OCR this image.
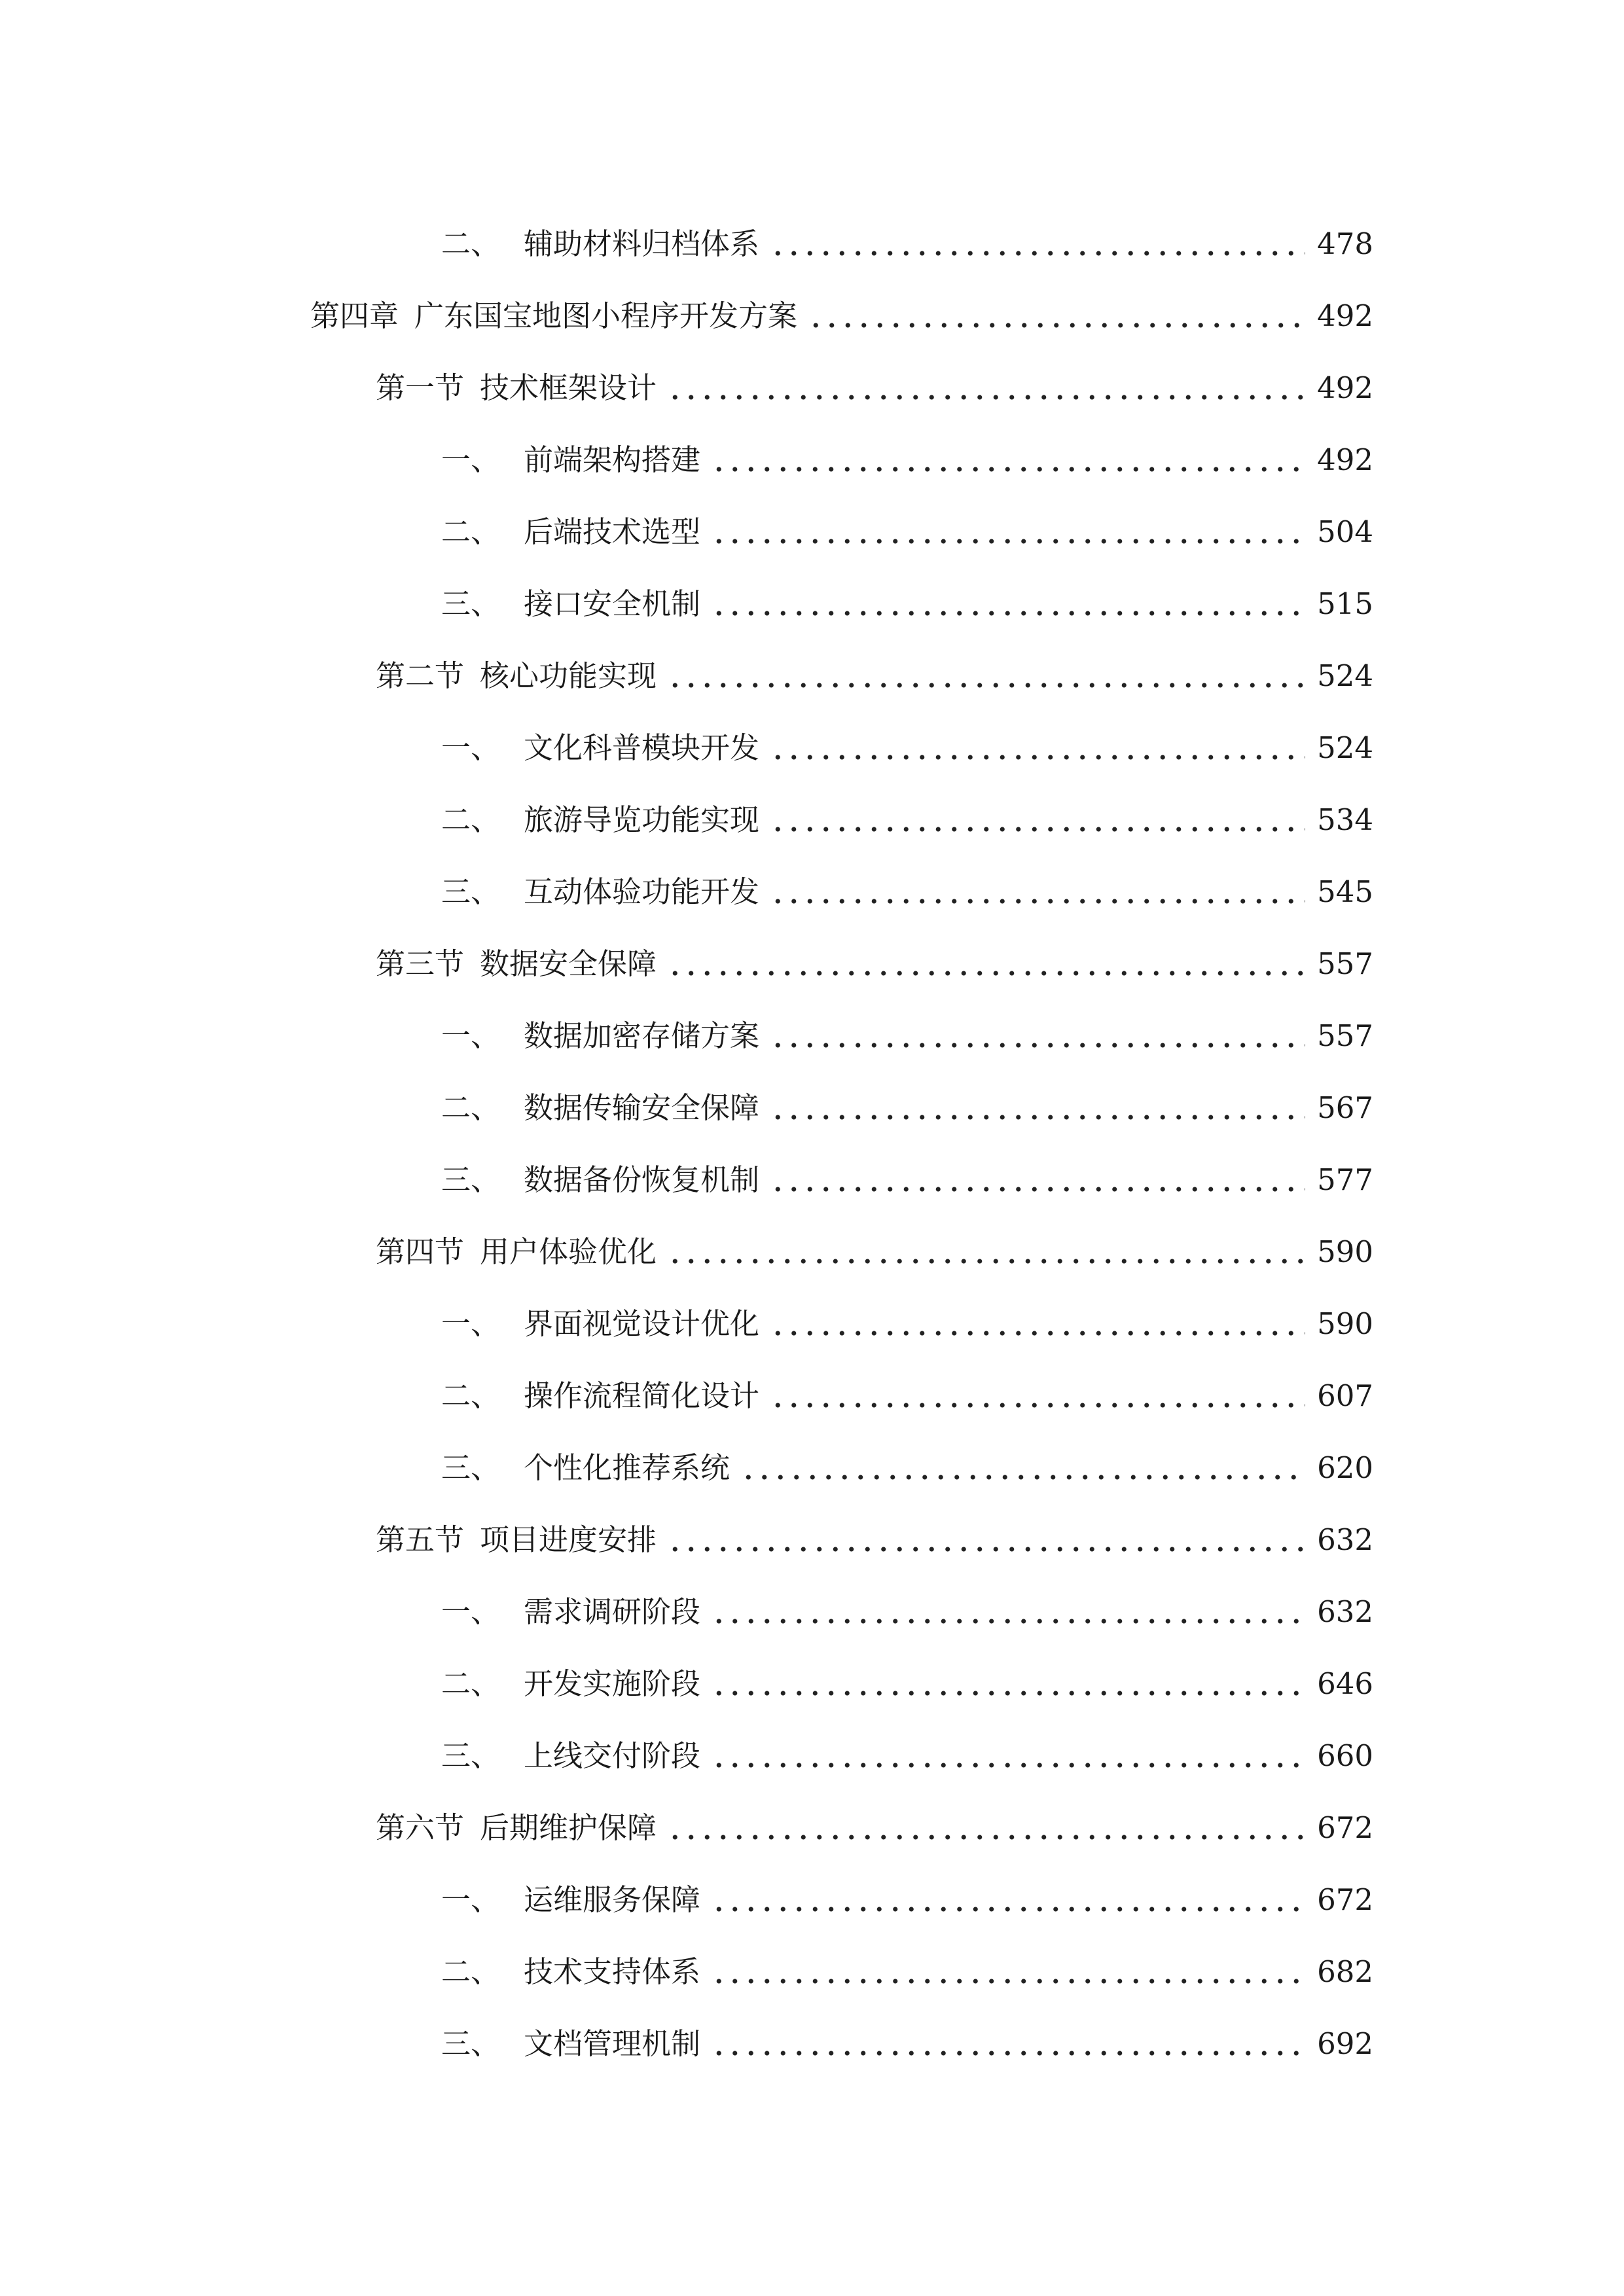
二、 辅助材料归档体系	478
第四章 广东国宝地图小程序开发方案	492
第一节 技术框架设计	492
一、 前端架构搭建	492
二、 后端技术选型	504
三、 接口安全机制	515
第二节 核心功能实现	524
一、 文化科普模块开发	524
二、 旅游导览功能实现	534
三、 互动体验功能开发	545
第三节 数据安全保障	557
一、 数据加密存储方案	557
二、 数据传输安全保障	567
三、 数据备份恢复机制	577
第四节 用户体验优化	590
一、 界面视觉设计优化	590
二、 操作流程简化设计	607
三、 个性化推荐系统	620
第五节 项目进度安排	632
一、 需求调研阶段	632
二、 开发实施阶段	646
三、 上线交付阶段	660
第六节 后期维护保障	672
一、 运维服务保障	672
二、 技术支持体系	682
三、 文档管理机制	692
